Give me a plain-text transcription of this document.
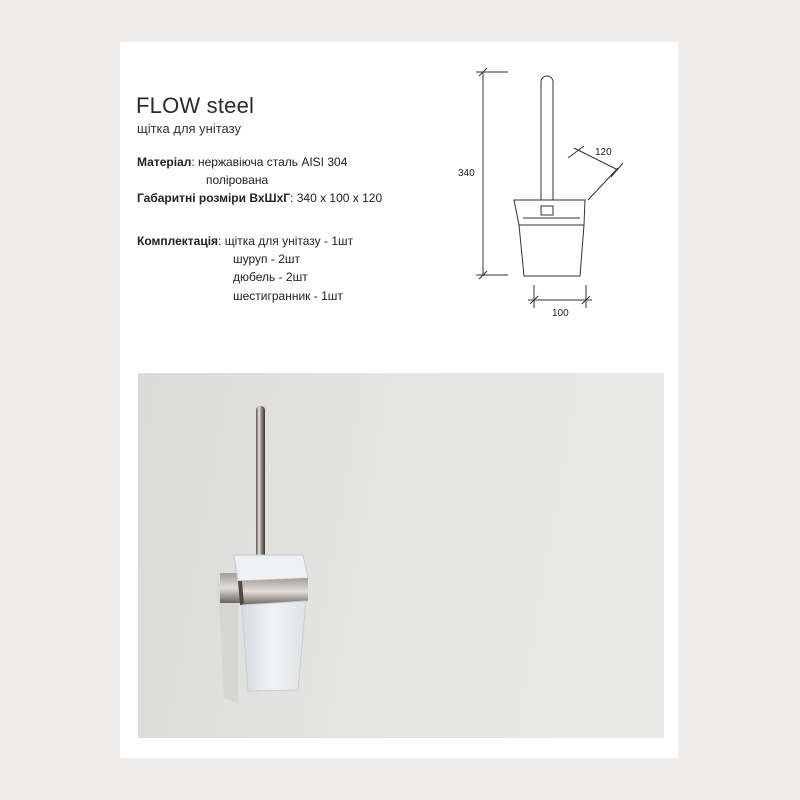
FLOW steel
щітка для унітазу
Матеріал: нержавіюча сталь AISI 304
полірована
Габаритні розміри ВхШхГ: 340 х 100 х 120
Комплектація: щітка для унітазу - 1шт
шуруп - 2шт
дюбель - 2шт
шестигранник - 1шт
340
120
100
